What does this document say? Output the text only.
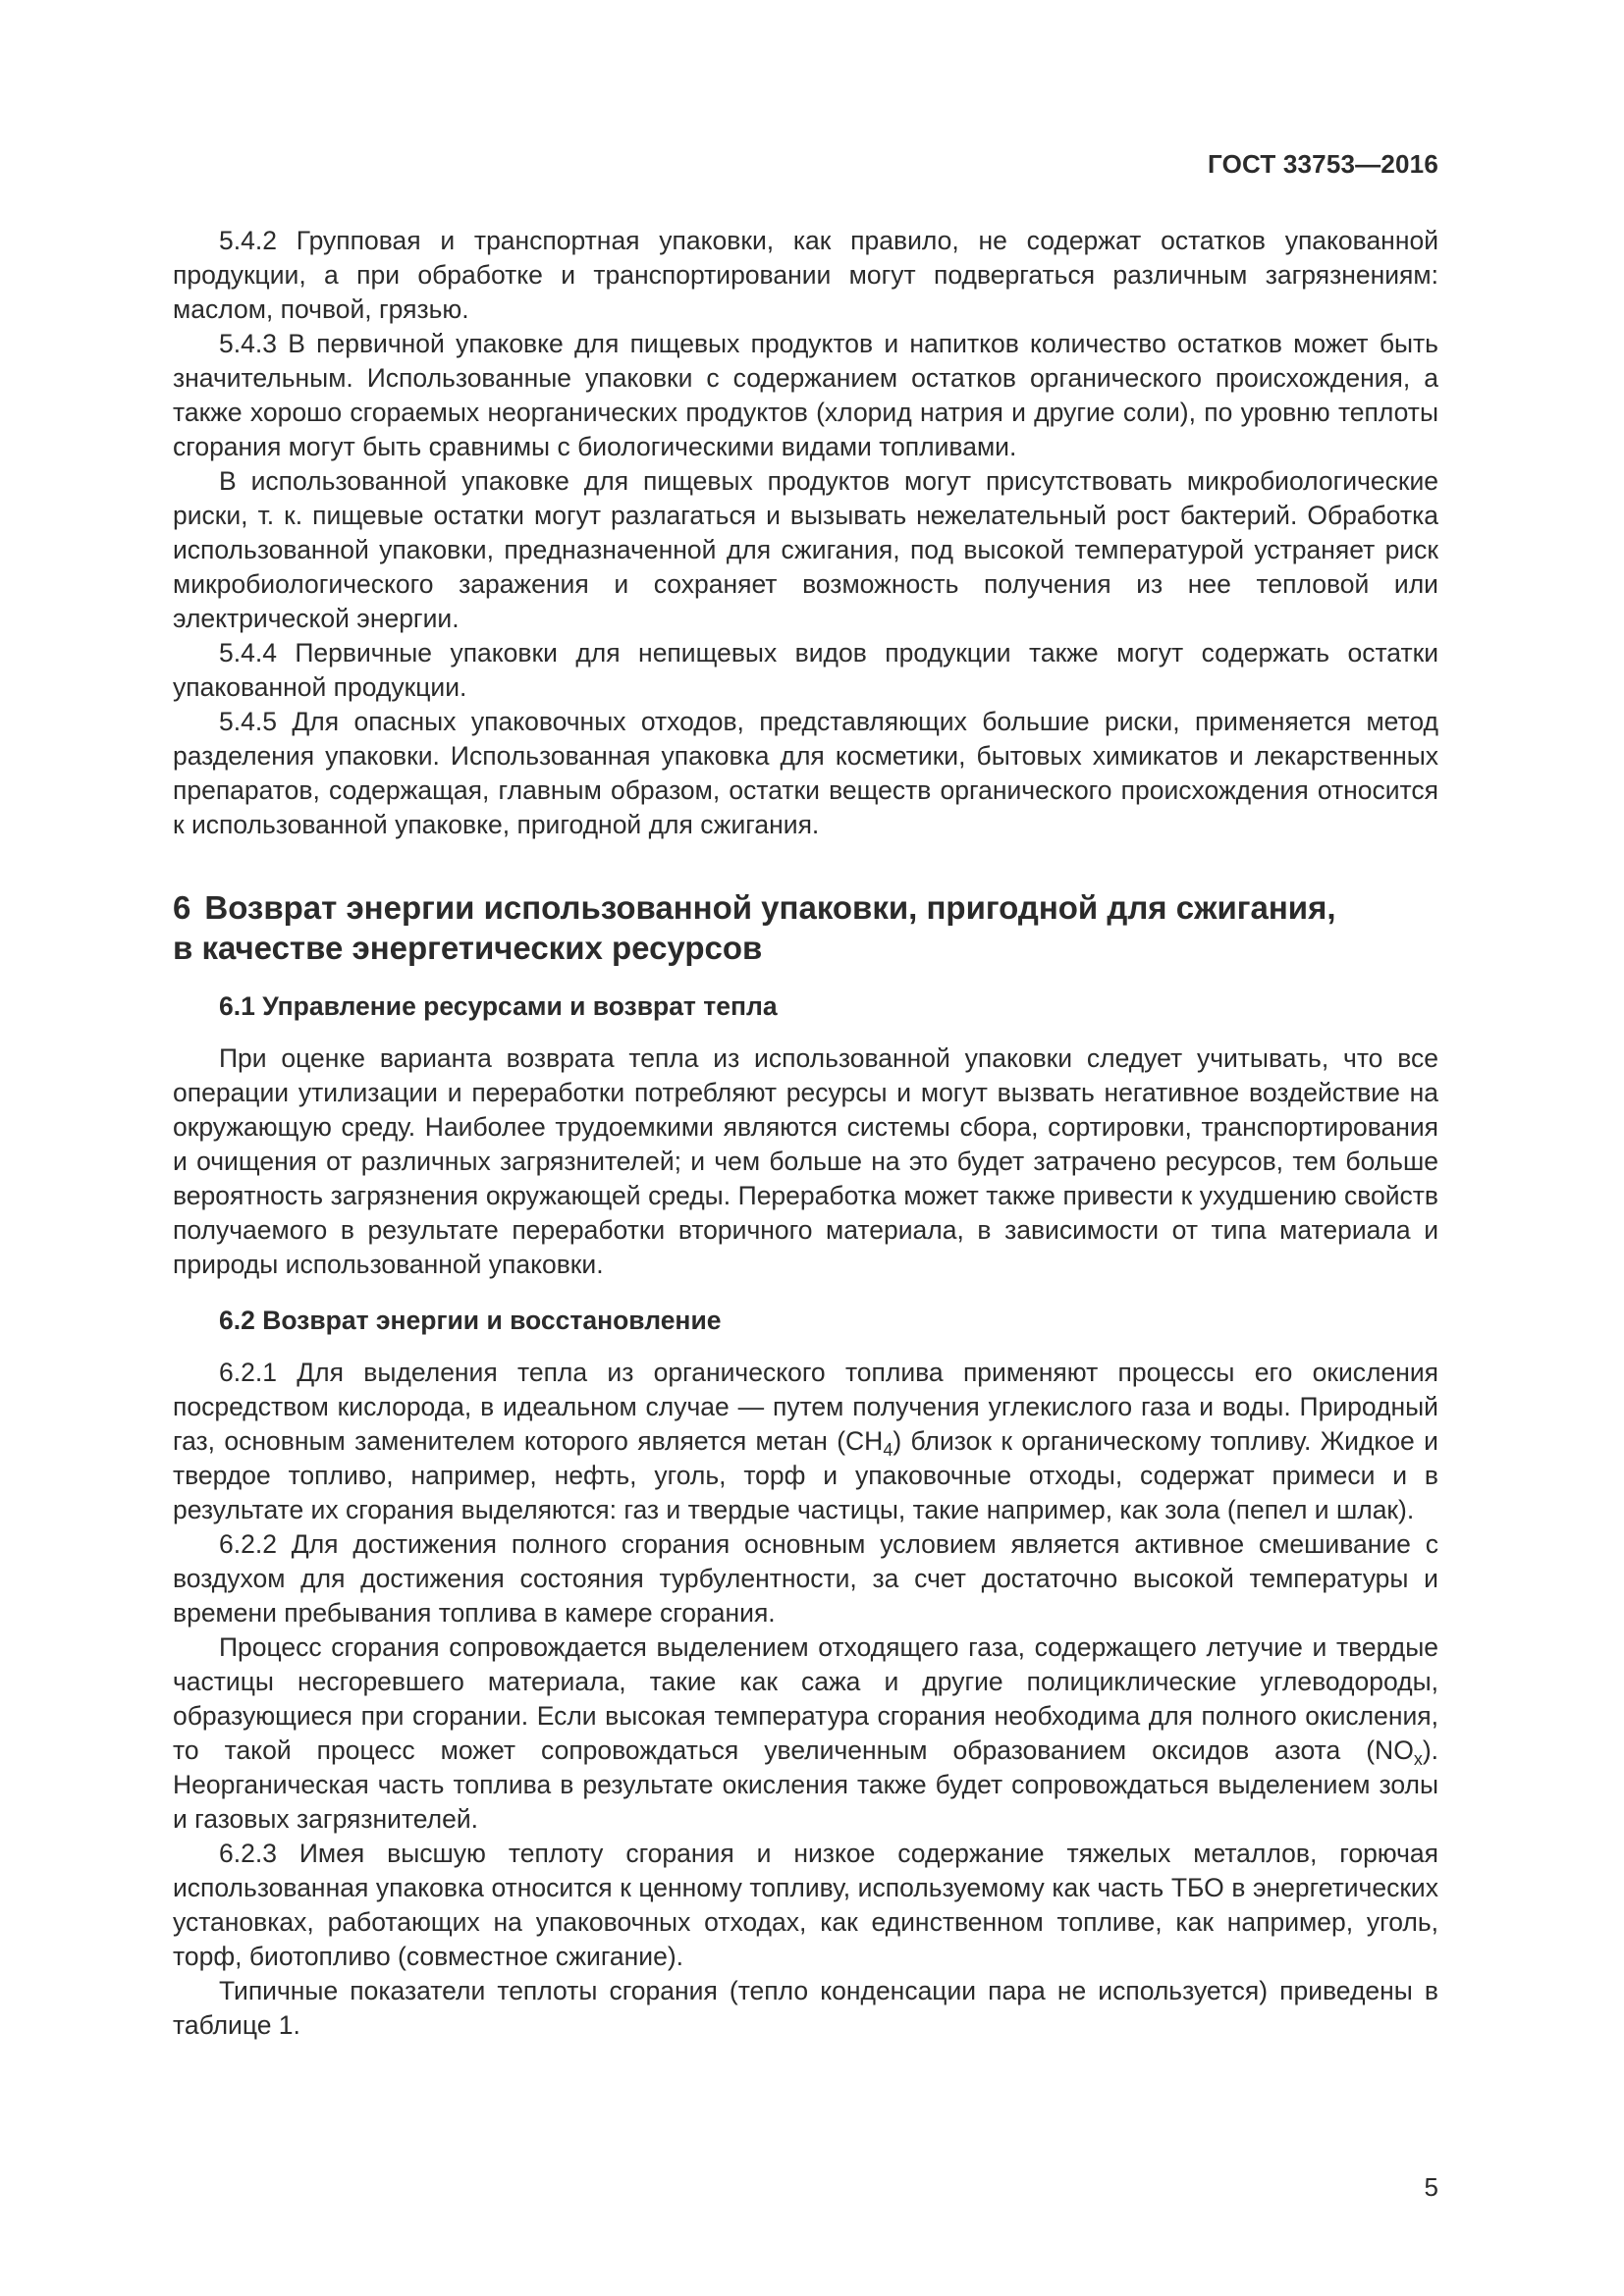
ГОСТ 33753—2016

5.4.2 Групповая и транспортная упаковки, как правило, не содержат остатков упакованной продукции, а при обработке и транспортировании могут подвергаться различным загрязнениям: маслом, почвой, грязью.

5.4.3 В первичной упаковке для пищевых продуктов и напитков количество остатков может быть значительным. Использованные упаковки с содержанием остатков органического происхождения, а также хорошо сгораемых неорганических продуктов (хлорид натрия и другие соли), по уровню теплоты сгорания могут быть сравнимы с биологическими видами топливами.

В использованной упаковке для пищевых продуктов могут присутствовать микробиологические риски, т. к. пищевые остатки могут разлагаться и вызывать нежелательный рост бактерий. Обработка использованной упаковки, предназначенной для сжигания, под высокой температурой устраняет риск микробиологического заражения и сохраняет возможность получения из нее тепловой или электрической энергии.

5.4.4 Первичные упаковки для непищевых видов продукции также могут содержать остатки упакованной продукции.

5.4.5 Для опасных упаковочных отходов, представляющих большие риски, применяется метод разделения упаковки. Использованная упаковка для косметики, бытовых химикатов и лекарственных препаратов, содержащая, главным образом, остатки веществ органического происхождения относится к использованной упаковке, пригодной для сжигания.

6 Возврат энергии использованной упаковки, пригодной для сжигания,
в качестве энергетических ресурсов
6.1 Управление ресурсами и возврат тепла

При оценке варианта возврата тепла из использованной упаковки следует учитывать, что все операции утилизации и переработки потребляют ресурсы и могут вызвать негативное воздействие на окружающую среду. Наиболее трудоемкими являются системы сбора, сортировки, транспортирования и очищения от различных загрязнителей; и чем больше на это будет затрачено ресурсов, тем больше вероятность загрязнения окружающей среды. Переработка может также привести к ухудшению свойств получаемого в результате переработки вторичного материала, в зависимости от типа материала и природы использованной упаковки.

6.2 Возврат энергии и восстановление

6.2.1 Для выделения тепла из органического топлива применяют процессы его окисления посредством кислорода, в идеальном случае — путем получения углекислого газа и воды. Природный газ, основным заменителем которого является метан $(CH_4)$ близок к органическому топливу. Жидкое и твердое топливо, например, нефть, уголь, торф и упаковочные отходы, содержат примеси и в результате их сгорания выделяются: газ и твердые частицы, такие например, как зола (пепел и шлак).

6.2.2 Для достижения полного сгорания основным условием является активное смешивание с воздухом для достижения состояния турбулентности, за счет достаточно высокой температуры и времени пребывания топлива в камере сгорания.

Процесс сгорания сопровождается выделением отходящего газа, содержащего летучие и твердые частицы несгоревшего материала, такие как сажа и другие полициклические углеводороды, образующиеся при сгорании. Если высокая температура сгорания необходима для полного окисления, то такой процесс может сопровождаться увеличенным образованием оксидов азота $(NO_x)$. Неорганическая часть топлива в результате окисления также будет сопровождаться выделением золы и газовых загрязнителей.

6.2.3 Имея высшую теплоту сгорания и низкое содержание тяжелых металлов, горючая использованная упаковка относится к ценному топливу, используемому как часть ТБО в энергетических установках, работающих на упаковочных отходах, как единственном топливе, как например, уголь, торф, биотопливо (совместное сжигание).

Типичные показатели теплоты сгорания (тепло конденсации пара не используется) приведены в таблице 1.

5
